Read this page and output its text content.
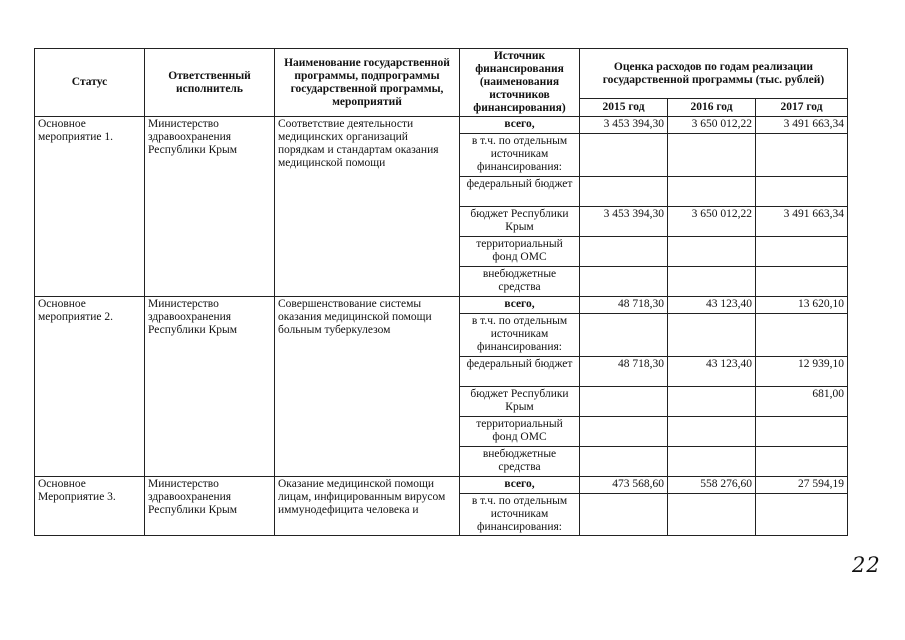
Статус	Ответственный исполнитель	Наименование государственной программы, подпрограммы государственной программы, мероприятий	Источник финансирования (наименования источников финансирования)	Оценка расходов по годам реализации государственной программы (тыс. рублей)		
				2015 год	2016 год	2017 год
Основное мероприятие 1.	Министерство здравоохранения Республики Крым	Соответствие деятельности медицинских организаций порядкам и стандартам оказания медицинской помощи	всего,	3 453 394,30	3 650 012,22	3 491 663,34
			в т.ч. по отдельным источникам финансирования:			
			федеральный бюджет			
			бюджет Республики Крым	3 453 394,30	3 650 012,22	3 491 663,34
			территориальный фонд ОМС			
			внебюджетные средства			
Основное мероприятие 2.	Министерство здравоохранения Республики Крым	Совершенствование системы оказания медицинской помощи больным туберкулезом	всего,	48 718,30	43 123,40	13 620,10
			в т.ч. по отдельным источникам финансирования:			
			федеральный бюджет	48 718,30	43 123,40	12 939,10
			бюджет Республики Крым			681,00
			территориальный фонд ОМС			
			внебюджетные средства			
Основное Мероприятие 3.	Министерство здравоохранения Республики Крым	Оказание медицинской помощи лицам, инфицированным вирусом иммунодефицита человека и	всего,	473 568,60	558 276,60	27 594,19
			в т.ч. по отдельным источникам финансирования:			
22
